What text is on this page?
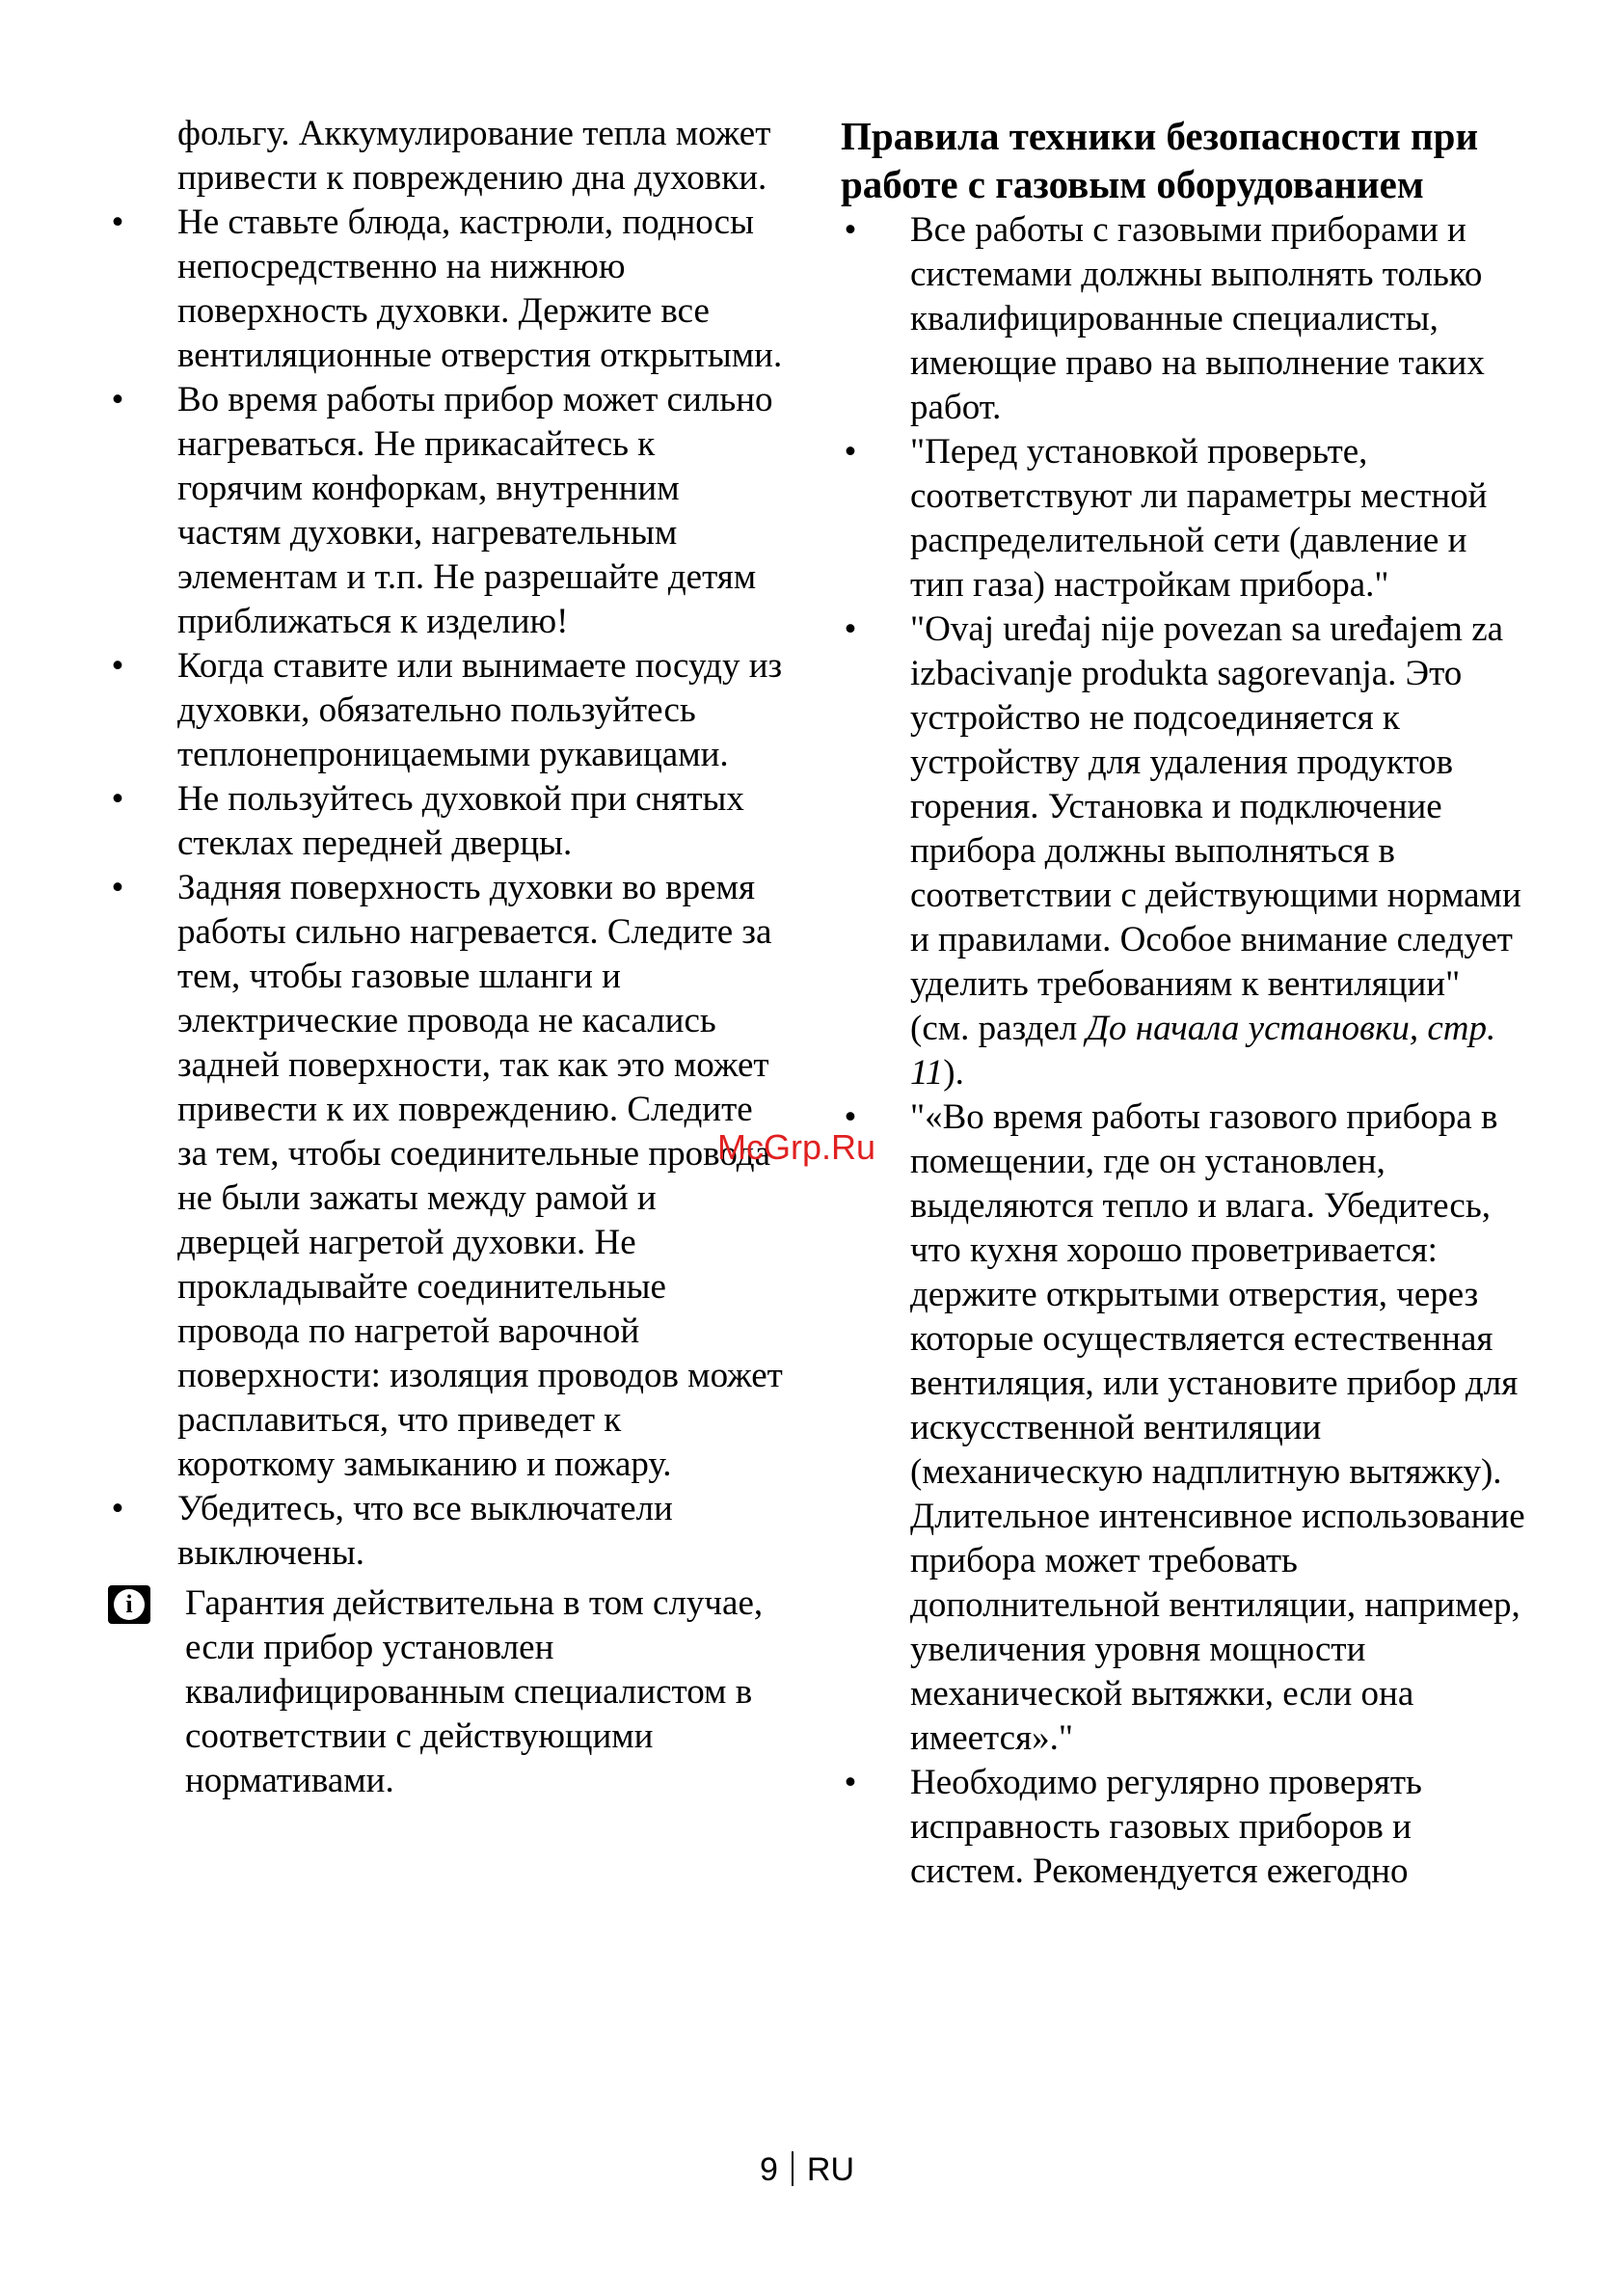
фольгу. Аккумулирование тепла может привести к повреждению дна духовки.

• Не ставьте блюда, кастрюли, подносы непосредственно на нижнюю поверхность духовки. Держите все вентиляционные отверстия открытыми.
• Во время работы прибор может сильно нагреваться. Не прикасайтесь к горячим конфоркам, внутренним частям духовки, нагревательным элементам и т.п. Не разрешайте детям приближаться к изделию!
• Когда ставите или вынимаете посуду из духовки, обязательно пользуйтесь теплонепроницаемыми рукавицами.
• Не пользуйтесь духовкой при снятых стеклах передней дверцы.
• Задняя поверхность духовки во время работы сильно нагревается. Следите за тем, чтобы газовые шланги и электрические провода не касались задней поверхности, так как это может привести к их повреждению. Следите за тем, чтобы соединительные провода не были зажаты между рамой и дверцей нагретой духовки. Не прокладывайте соединительные провода по нагретой варочной поверхности: изоляция проводов может расплавиться, что приведет к короткому замыканию и пожару.
• Убедитесь, что все выключатели выключены.
i	Гарантия действительна в том случае, если прибор установлен квалифицированным специалистом в соответствии с действующими нормативами.
Правила техники безопасности при работе с газовым оборудованием
• Все работы с газовыми приборами и системами должны выполнять только квалифицированные специалисты, имеющие право на выполнение таких работ.
• "Перед установкой проверьте, соответствуют ли параметры местной распределительной сети (давление и тип газа) настройкам прибора."
• "Ovaj uređaj nije povezan sa uređajem za izbacivanje produkta sagorevanja. Это устройство не подсоединяется к устройству для удаления продуктов горения. Установка и подключение прибора должны выполняться в соответствии с действующими нормами и правилами. Особое внимание следует уделить требованиям к вентиляции" (см. раздел До начала установки, стр. 11).
• "«Во время работы газового прибора в помещении, где он установлен, выделяются тепло и влага. Убедитесь, что кухня хорошо проветривается: держите открытыми отверстия, через которые осуществляется естественная вентиляция, или установите прибор для искусственной вентиляции (механическую надплитную вытяжку). Длительное интенсивное использование прибора может требовать дополнительной вентиляции, например, увеличения уровня мощности механической вытяжки, если она имеется»."
• Необходимо регулярно проверять исправность газовых приборов и систем. Рекомендуется ежегодно
McGrp.Ru
9 RU
